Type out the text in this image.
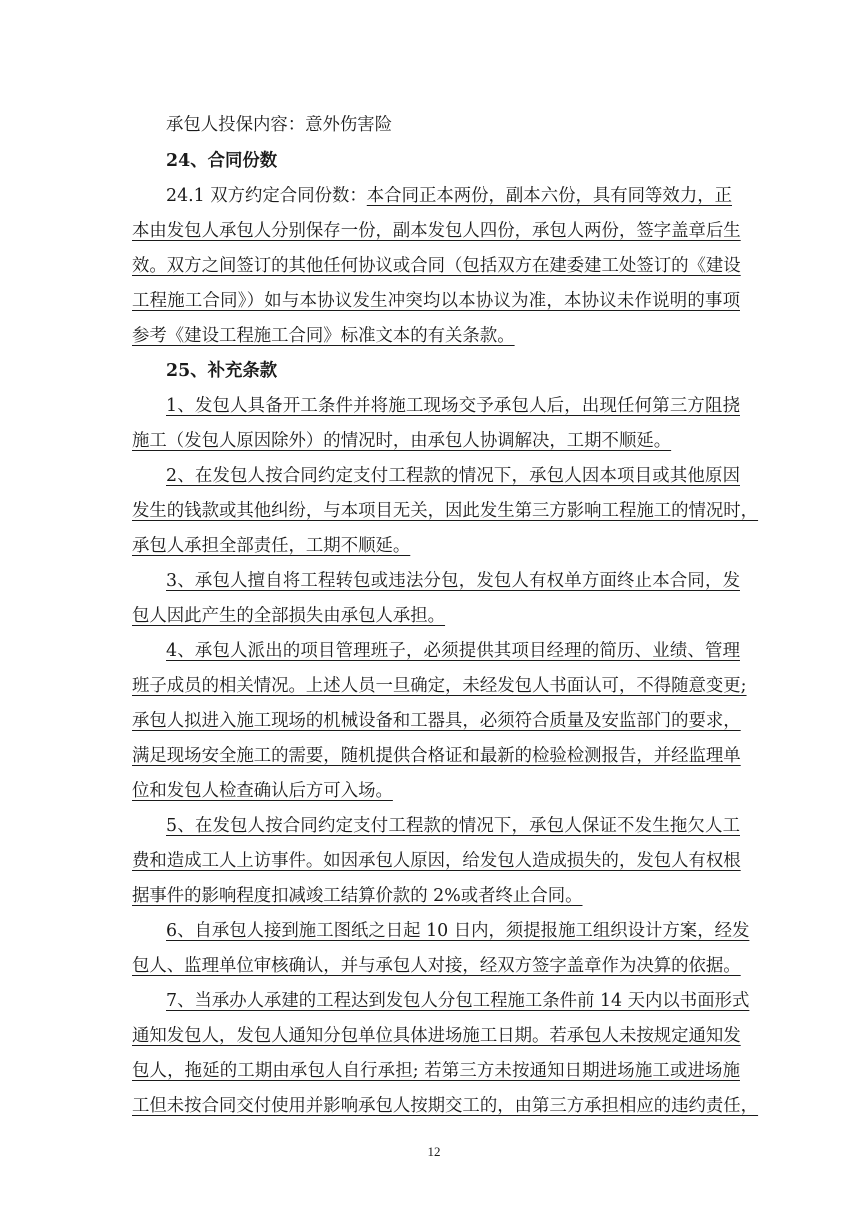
承包人投保内容：意外伤害险
24、合同份数
24.1 双方约定合同份数：本合同正本两份，副本六份，具有同等效力，正
本由发包人承包人分别保存一份，副本发包人四份，承包人两份，签字盖章后生
效。双方之间签订的其他任何协议或合同（包括双方在建委建工处签订的《建设
工程施工合同》）如与本协议发生冲突均以本协议为准，本协议未作说明的事项
参考《建设工程施工合同》标准文本的有关条款。
25、补充条款
1、发包人具备开工条件并将施工现场交予承包人后，出现任何第三方阻挠
施工（发包人原因除外）的情况时，由承包人协调解决，工期不顺延。
2、在发包人按合同约定支付工程款的情况下，承包人因本项目或其他原因
发生的钱款或其他纠纷，与本项目无关，因此发生第三方影响工程施工的情况时，
承包人承担全部责任，工期不顺延。
3、承包人擅自将工程转包或违法分包，发包人有权单方面终止本合同，发
包人因此产生的全部损失由承包人承担。
4、承包人派出的项目管理班子，必须提供其项目经理的简历、业绩、管理
班子成员的相关情况。上述人员一旦确定，未经发包人书面认可，不得随意变更;
承包人拟进入施工现场的机械设备和工器具，必须符合质量及安监部门的要求，
满足现场安全施工的需要，随机提供合格证和最新的检验检测报告，并经监理单
位和发包人检查确认后方可入场。
5、在发包人按合同约定支付工程款的情况下，承包人保证不发生拖欠人工
费和造成工人上访事件。如因承包人原因，给发包人造成损失的，发包人有权根
据事件的影响程度扣减竣工结算价款的 2%或者终止合同。
6、自承包人接到施工图纸之日起 10 日内，须提报施工组织设计方案，经发
包人、监理单位审核确认，并与承包人对接，经双方签字盖章作为决算的依据。
7、当承办人承建的工程达到发包人分包工程施工条件前 14 天内以书面形式
通知发包人，发包人通知分包单位具体进场施工日期。若承包人未按规定通知发
包人，拖延的工期由承包人自行承担; 若第三方未按通知日期进场施工或进场施
工但未按合同交付使用并影响承包人按期交工的，由第三方承担相应的违约责任，
12
